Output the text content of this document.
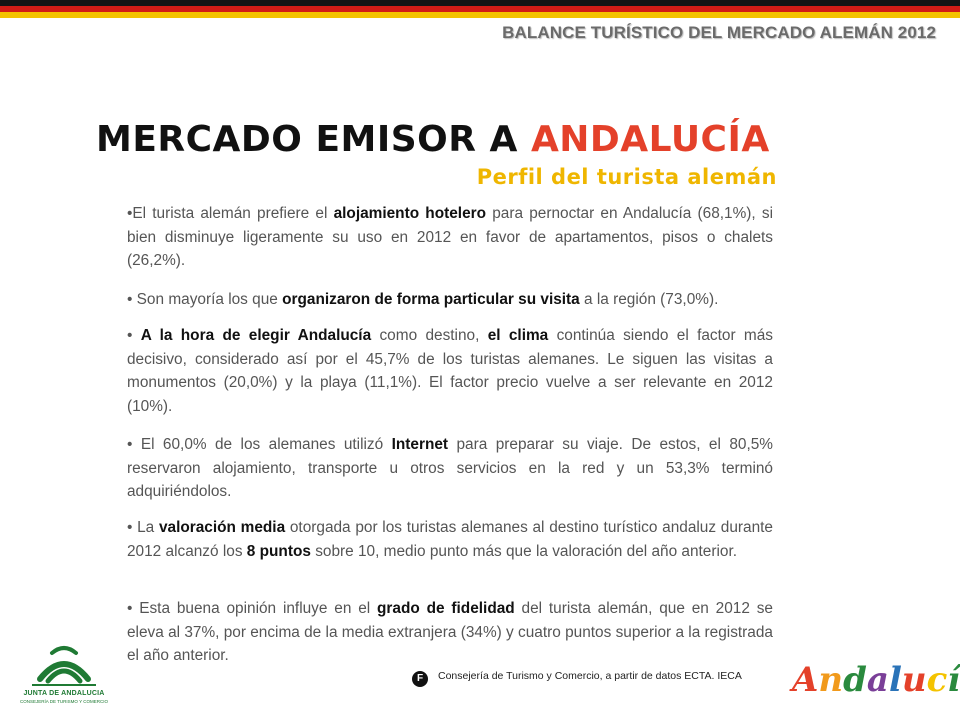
BALANCE TURÍSTICO DEL MERCADO ALEMÁN 2012
MERCADO EMISOR A ANDALUCÍA
Perfil del turista alemán

•El turista alemán prefiere el alojamiento hotelero para pernoctar en Andalucía (68,1%), si bien disminuye ligeramente su uso en 2012 en favor de apartamentos, pisos o chalets (26,2%).

• Son mayoría los que organizaron de forma particular su visita a la región (73,0%).

• A la hora de elegir Andalucía como destino, el clima continúa siendo el factor más decisivo, considerado así por el 45,7% de los turistas alemanes. Le siguen las visitas a monumentos (20,0%) y la playa (11,1%). El factor precio vuelve a ser relevante en 2012 (10%).

• El 60,0% de los alemanes utilizó Internet para preparar su viaje. De estos, el 80,5% reservaron alojamiento, transporte u otros servicios en la red y un 53,3% terminó adquiriéndolos.

• La valoración media otorgada por los turistas alemanes al destino turístico andaluz durante 2012 alcanzó los 8 puntos sobre 10, medio punto más que la valoración del año anterior.

• Esta buena opinión influye en el grado de fidelidad del turista alemán, que en 2012 se eleva al 37%, por encima de la media extranjera (34%) y cuatro puntos superior a la registrada el año anterior.

JUNTA DE ANDALUCIA
CONSEJERÍA DE TURISMO Y COMERCIO
F	Consejería de Turismo y Comercio, a partir de datos ECTA. IECA Andalucí
